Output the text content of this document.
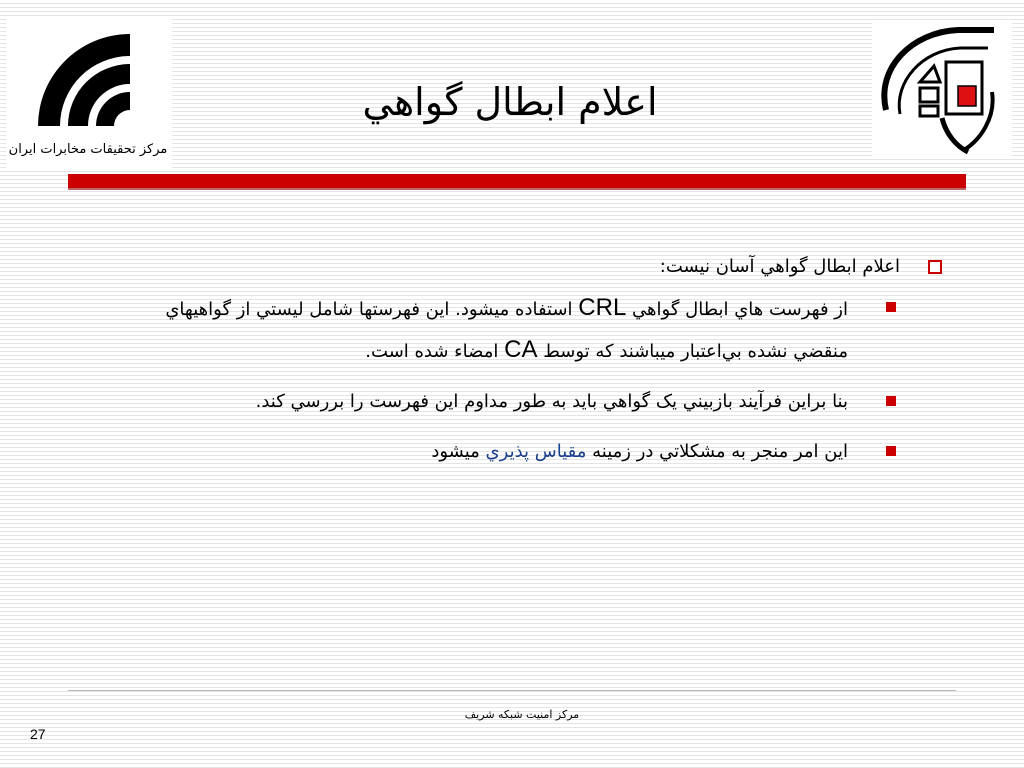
مرکز تحقیقات مخابرات ایران
اعلام ابطال گواهي
اعلام ابطال گواهي آسان نيست:
از فهرست هاي ابطال گواهي CRL استفاده ميشود. اين فهرستها شامل ليستي از گواهيهاي منقضي نشده بي‌اعتبار ميباشند که توسط CA امضاء شده است.
بنا براين فرآيند بازبيني يک گواهي بايد به طور مداوم اين فهرست را بررسي کند.
اين امر منجر به مشکلاتي در زمينه مقياس پذيري ميشود
مرکز امنيت شبکه شريف
27
